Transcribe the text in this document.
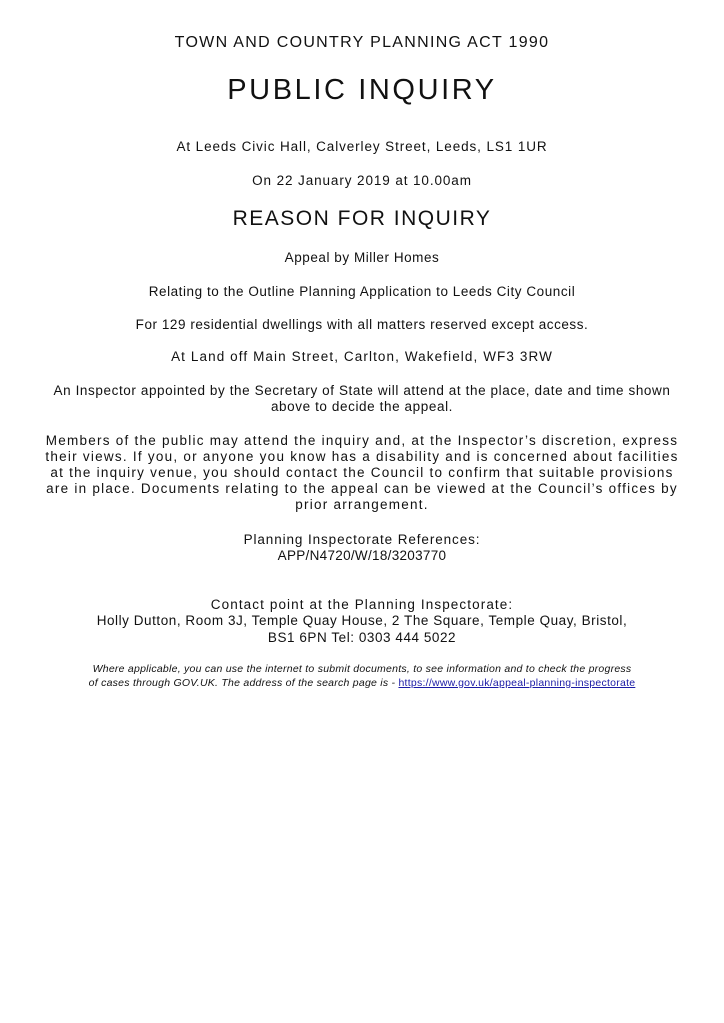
TOWN AND COUNTRY PLANNING ACT 1990
PUBLIC INQUIRY
At Leeds Civic Hall, Calverley Street, Leeds, LS1 1UR
On 22 January 2019 at 10.00am
REASON FOR INQUIRY
Appeal by Miller Homes
Relating to the Outline Planning Application to Leeds City Council
For 129 residential dwellings with all matters reserved except access.
At Land off Main Street, Carlton, Wakefield, WF3 3RW
An Inspector appointed by the Secretary of State will attend at the place, date and time shown above to decide the appeal.
Members of the public may attend the inquiry and, at the Inspector’s discretion, express their views. If you, or anyone you know has a disability and is concerned about facilities at the inquiry venue, you should contact the Council to confirm that suitable provisions are in place. Documents relating to the appeal can be viewed at the Council’s offices by prior arrangement.
Planning Inspectorate References:
APP/N4720/W/18/3203770
Contact point at the Planning Inspectorate:
Holly Dutton, Room 3J, Temple Quay House, 2 The Square, Temple Quay, Bristol,
BS1 6PN Tel: 0303 444 5022
Where applicable, you can use the internet to submit documents, to see information and to check the progress
of cases through GOV.UK. The address of the search page is - https://www.gov.uk/appeal-planning-inspectorate
